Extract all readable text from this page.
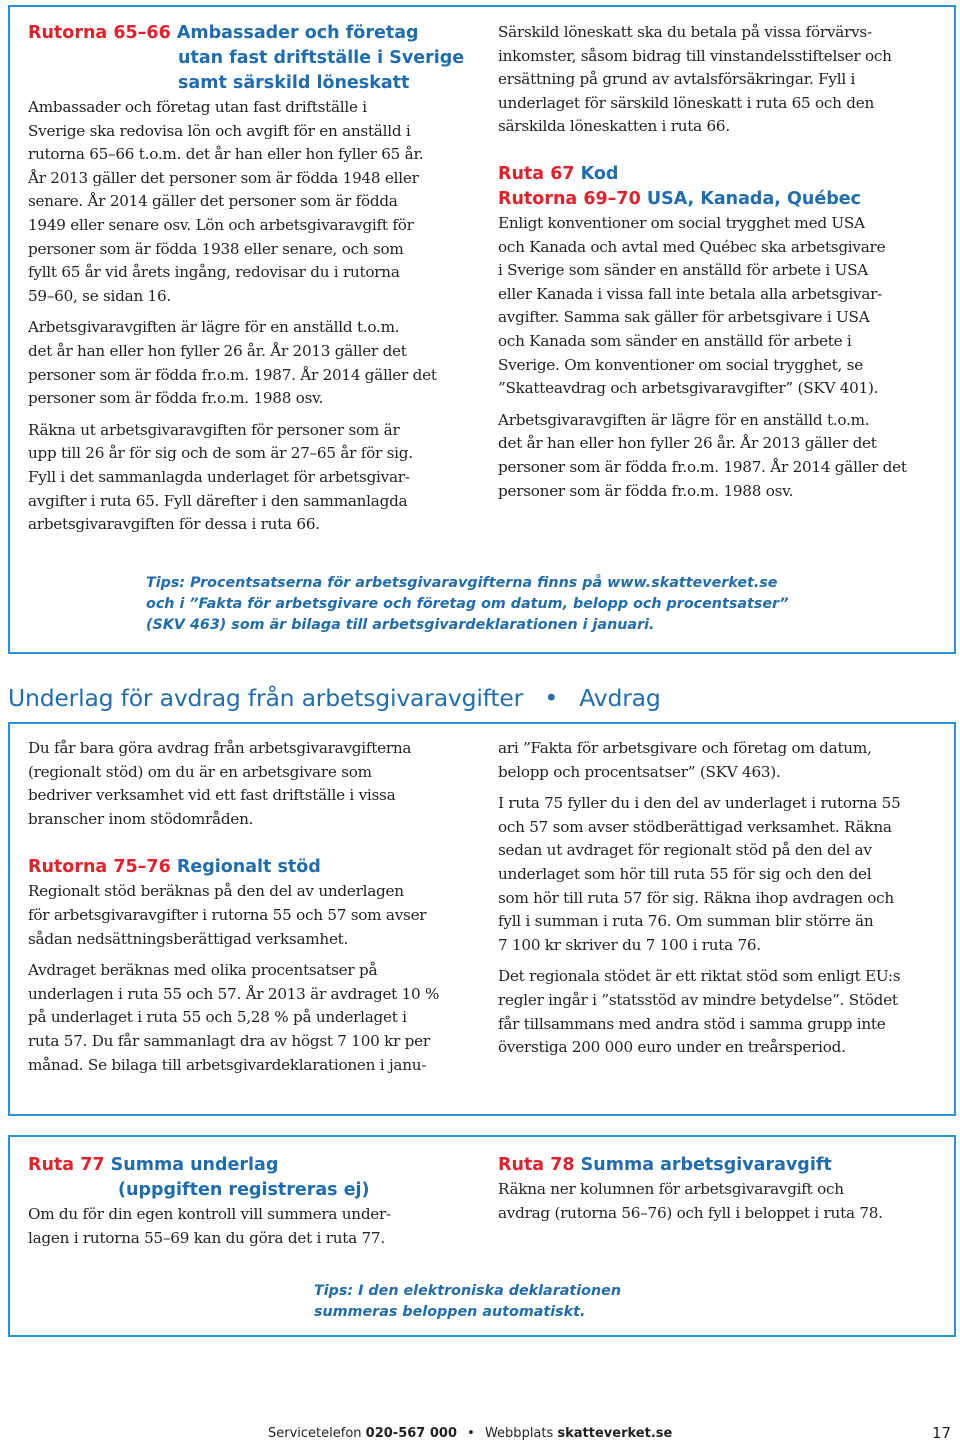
Rutorna 65–66 Ambassader och företag
utan fast driftställe i Sverige
samt särskild löneskatt

Ambassader och företag utan fast driftställe i
Sverige ska redovisa lön och avgift för en anställd i
rutorna 65–66 t.o.m. det år han eller hon fyller 65 år.
År 2013 gäller det personer som är födda 1948 eller
senare. År 2014 gäller det personer som är födda
1949 eller senare osv. Lön och arbetsgivaravgift för
personer som är födda 1938 eller senare, och som
fyllt 65 år vid årets ingång, redovisar du i rutorna
59–60, se sidan 16.

Arbetsgivaravgiften är lägre för en anställd t.o.m.
det år han eller hon fyller 26 år. År 2013 gäller det
personer som är födda fr.o.m. 1987. År 2014 gäller det
personer som är födda fr.o.m. 1988 osv.

Räkna ut arbetsgivaravgiften för personer som är
upp till 26 år för sig och de som är 27–65 år för sig.
Fyll i det sammanlagda underlaget för arbetsgivar-
avgifter i ruta 65. Fyll därefter i den sammanlagda
arbetsgivaravgiften för dessa i ruta 66.

Särskild löneskatt ska du betala på vissa förvärvs-
inkomster, såsom bidrag till vinstandelsstiftelser och
ersättning på grund av avtalsförsäkringar. Fyll i
underlaget för särskild löneskatt i ruta 65 och den
särskilda löneskatten i ruta 66.

Ruta 67 Kod
Rutorna 69–70 USA, Kanada, Québec

Enligt konventioner om social trygghet med USA
och Kanada och avtal med Québec ska arbetsgivare
i Sverige som sänder en anställd för arbete i USA
eller Kanada i vissa fall inte betala alla arbetsgivar-
avgifter. Samma sak gäller för arbetsgivare i USA
och Kanada som sänder en anställd för arbete i
Sverige. Om konventioner om social trygghet, se
”Skatteavdrag och arbetsgivaravgifter” (SKV 401).

Arbetsgivaravgiften är lägre för en anställd t.o.m.
det år han eller hon fyller 26 år. År 2013 gäller det
personer som är födda fr.o.m. 1987. År 2014 gäller det
personer som är födda fr.o.m. 1988 osv.

Tips: Procentsatserna för arbetsgivaravgifterna finns på www.skatteverket.se
och i ”Fakta för arbetsgivare och företag om datum, belopp och procentsatser”
(SKV 463) som är bilaga till arbetsgivardeklarationen i januari.
Underlag för avdrag från arbetsgivaravgifter • Avdrag

Du får bara göra avdrag från arbetsgivaravgifterna
(regionalt stöd) om du är en arbetsgivare som
bedriver verksamhet vid ett fast driftställe i vissa
branscher inom stödområden.

Rutorna 75–76 Regionalt stöd

Regionalt stöd beräknas på den del av underlagen
för arbetsgivaravgifter i rutorna 55 och 57 som avser
sådan nedsättningsberättigad verksamhet.

Avdraget beräknas med olika procentsatser på
underlagen i ruta 55 och 57. År 2013 är avdraget 10 %
på underlaget i ruta 55 och 5,28 % på underlaget i
ruta 57. Du får sammanlagt dra av högst 7 100 kr per
månad. Se bilaga till arbetsgivardeklarationen i janu-

ari ”Fakta för arbetsgivare och företag om datum,
belopp och procentsatser” (SKV 463).

I ruta 75 fyller du i den del av underlaget i rutorna 55
och 57 som avser stödberättigad verksamhet. Räkna
sedan ut avdraget för regionalt stöd på den del av
underlaget som hör till ruta 55 för sig och den del
som hör till ruta 57 för sig. Räkna ihop avdragen och
fyll i summan i ruta 76. Om summan blir större än
7 100 kr skriver du 7 100 i ruta 76.

Det regionala stödet är ett riktat stöd som enligt EU:s
regler ingår i ”statsstöd av mindre betydelse”. Stödet
får tillsammans med andra stöd i samma grupp inte
överstiga 200 000 euro under en treårsperiod.

Ruta 77 Summa underlag
(uppgiften registreras ej)

Om du för din egen kontroll vill summera under-
lagen i rutorna 55–69 kan du göra det i ruta 77.

Ruta 78 Summa arbetsgivaravgift

Räkna ner kolumnen för arbetsgivaravgift och
avdrag (rutorna 56–76) och fyll i beloppet i ruta 78.

Tips: I den elektroniska deklarationen
summeras beloppen automatiskt.
Servicetelefon 020-567 000 • Webbplats skatteverket.se	17
